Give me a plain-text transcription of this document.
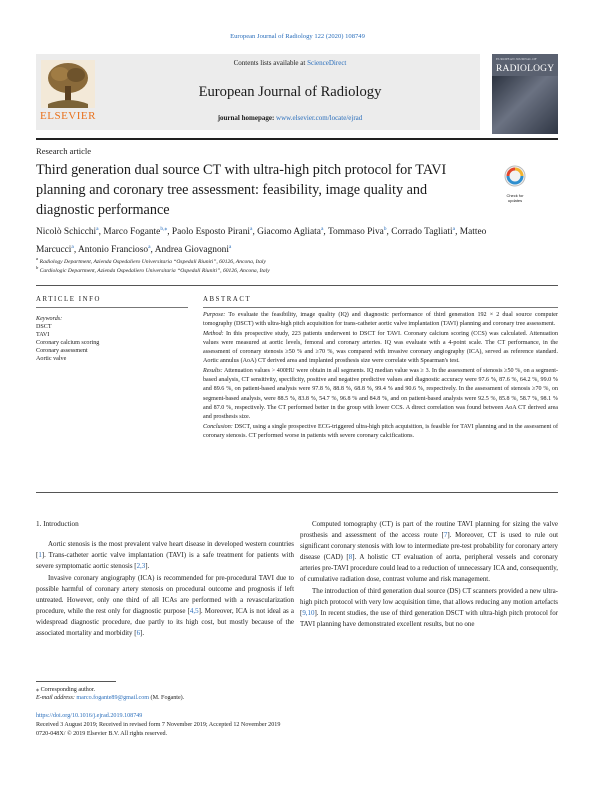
European Journal of Radiology 122 (2020) 108749
ELSEVIER
Contents lists available at ScienceDirect
European Journal of Radiology
journal homepage: www.elsevier.com/locate/ejrad
EUROPEAN JOURNAL OF
RADIOLOGY
Research article
Third generation dual source CT with ultra-high pitch protocol for TAVI planning and coronary tree assessment: feasibility, image quality and diagnostic performance
Check for updates
Nicolò Schicchi$^a$, Marco Fogante$^{b,⁎}$, Paolo Esposto Pirani$^a$, Giacomo Agliata$^a$, Tommaso Piva$^b$, Corrado Tagliati$^a$, Matteo Marcucci$^a$, Antonio Francioso$^a$, Andrea Giovagnoni$^a$
$^a$ Radiology Department, Azienda Ospedaliero Universitaria “Ospedali Riuniti”, 60126, Ancona, Italy
$^b$ Cardiologic Department, Azienda Ospedaliero Universitaria “Ospedali Riuniti”, 60126, Ancona, Italy
ARTICLE INFO
Keywords:
DSCT
TAVI
Coronary calcium scoring
Coronary assessment
Aortic valve
ABSTRACT

Purpose: To evaluate the feasibility, image quality (IQ) and diagnostic performance of third generation 192 × 2 dual source computer tomography (DSCT) with ultra-high pitch acquisition for trans-catheter aortic valve implantation (TAVI) planning and coronary tree assessment.

Method: In this prospective study, 223 patients underwent to DSCT for TAVI. Coronary calcium scoring (CCS) was calculated. Attenuation values were measured at aortic levels, femoral and coronary arteries. IQ was evaluate with a 4-point scale. The CT performance, in the assessment of coronary stenosis ≥50 % and ≥70 %, was compared with invasive coronary angiography (ICA), served as reference standard. Aortic annulus (AoA) CT derived area and implanted prosthesis size were correlate with Spearman's test.

Results: Attenuation values > 400HU were obtain in all segments. IQ median value was ≥ 3. In the assessment of stenosis ≥50 %, on a segment-based analysis, CT sensitivity, specificity, positive and negative predictive values and diagnostic accuracy were 97.6 %, 87.6 %, 64.2 %, 99.0 % and 89.6 %, on patient-based analysis were 97.8 %, 88.8 %, 68.8 %, 99.4 % and 90.6 %, respectively. In the assessment of stenosis ≥70 %, on segment-based analysis, were 88.5 %, 83.8 %, 54.7 %, 96.8 % and 84.8 %, and on patient-based analysis were 92.5 %, 85.8 %, 58.7 %, 98.1 % and 87.0 %, respectively. The CT performed better in the group with lower CCS. A direct correlation was found between AoA CT derived area and prosthesis size.

Conclusion: DSCT, using a single prospective ECG-triggered ultra-high pitch acquisition, is feasible for TAVI planning and in the assessment of coronary stenosis. CT performed worse in patients with severe coronary calcifications.

1. Introduction

Aortic stenosis is the most prevalent valve heart disease in developed western countries [1]. Trans-catheter aortic valve implantation (TAVI) is a safe treatment for patients with severe symptomatic aortic stenosis [2,3].

Invasive coronary angiography (ICA) is recommended for pre-procedural TAVI due to possible harmful of coronary artery stenosis on procedural outcome and prognosis if left untreated. However, only one third of all ICAs are performed with a revascularization procedure, while the rest only for diagnostic purpose [4,5]. Moreover, ICA is not ideal as a widespread diagnostic procedure, due partly to its high cost, but mostly because of the associated mortality and morbidity [6].

Computed tomography (CT) is part of the routine TAVI planning for sizing the valve prosthesis and assessment of the access route [7]. Moreover, CT is used to rule out significant coronary stenosis with low to intermediate pre-test probability for coronary artery disease (CAD) [8]. A holistic CT evaluation of aorta, peripheral vessels and coronary arteries pre-TAVI procedure could lead to a reduction of unnecessary ICA and, consequently, of cumulative radiation dose, contrast volume and risk management.

The introduction of third generation dual source (DS) CT scanners provided a new ultra-high pitch protocol with very low acquisition time, that allows reducing any motion artefacts [9,10]. In recent studies, the use of third generation DSCT with ultra-high pitch protocol for TAVI planning have demonstrated excellent results, but no one

⁎ Corresponding author.
E-mail address: marco.fogante89@gmail.com (M. Fogante).
https://doi.org/10.1016/j.ejrad.2019.108749
Received 3 August 2019; Received in revised form 7 November 2019; Accepted 12 November 2019
0720-048X/ © 2019 Elsevier B.V. All rights reserved.
